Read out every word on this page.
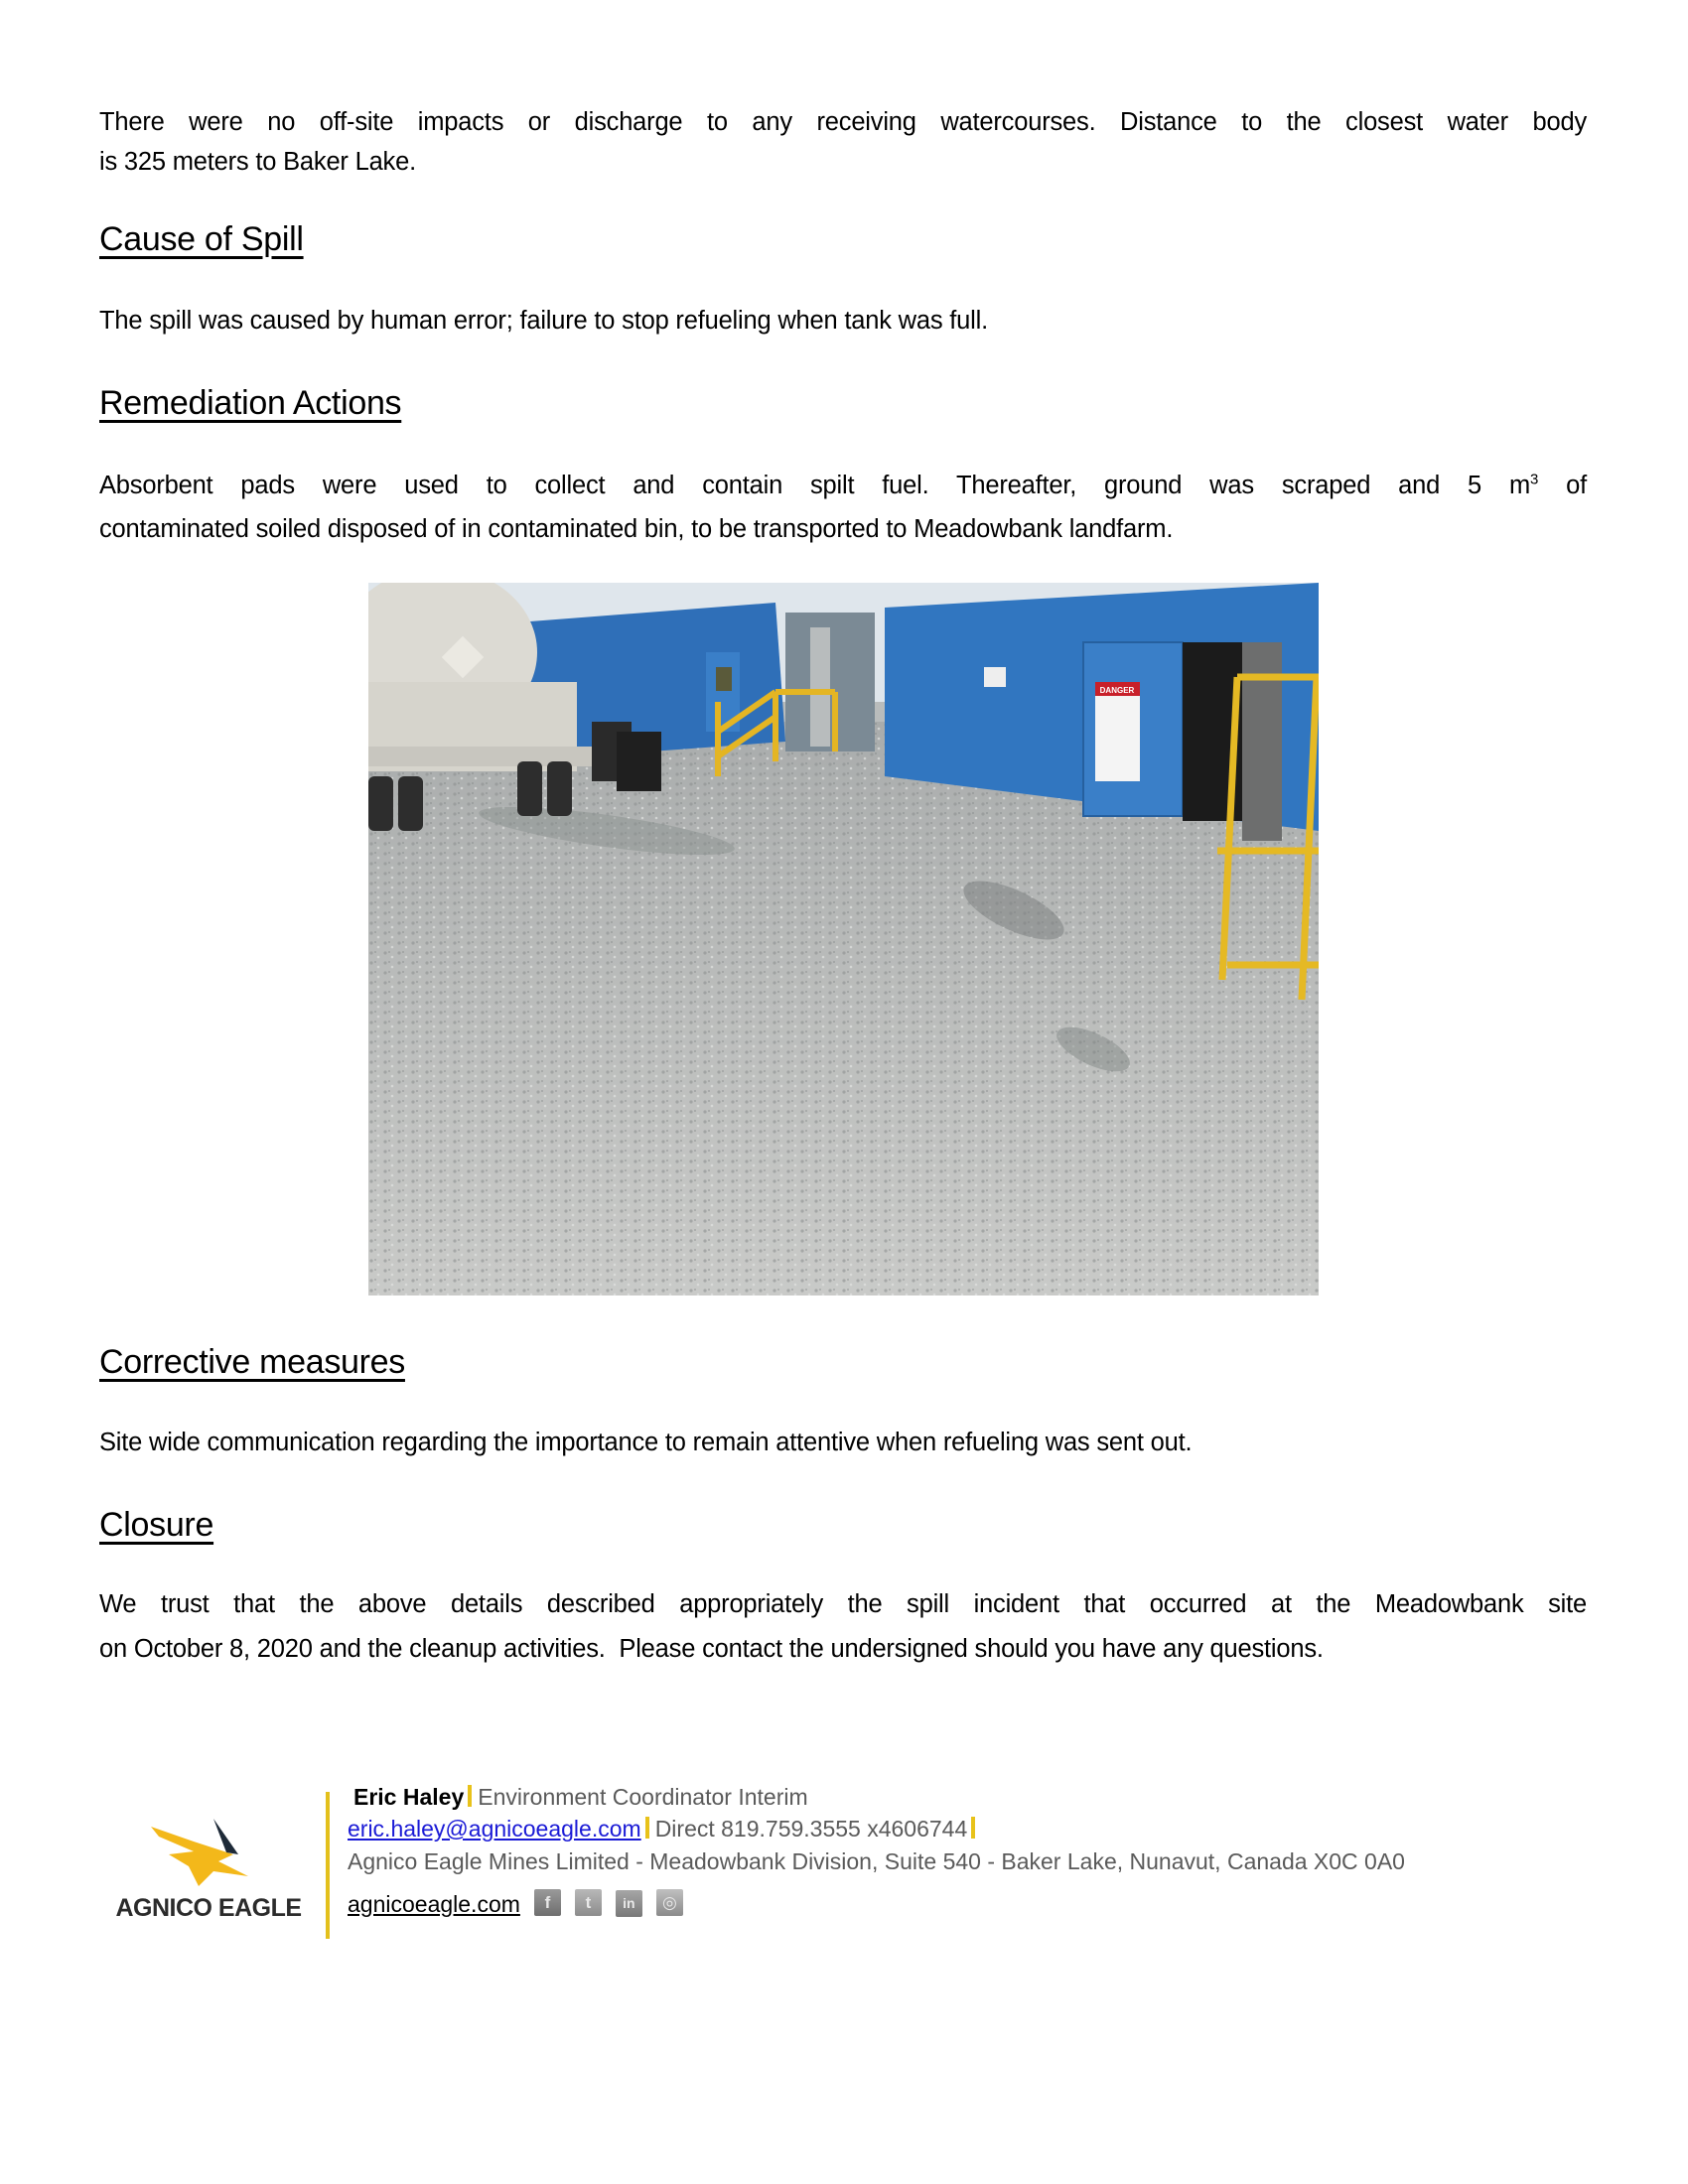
There were no off-site impacts or discharge to any receiving watercourses. Distance to the closest water body
is 325 meters to Baker Lake.
Cause of Spill
The spill was caused by human error; failure to stop refueling when tank was full.
Remediation Actions
Absorbent pads were used to collect and contain spilt fuel. Thereafter, ground was scraped and 5 $m^3$ of
contaminated soiled disposed of in contaminated bin, to be transported to Meadowbank landfarm.
DANGER
Corrective measures
Site wide communication regarding the importance to remain attentive when refueling was sent out.
Closure
We trust that the above details described appropriately the spill incident that occurred at the Meadowbank site
on October 8, 2020 and the cleanup activities.  Please contact the undersigned should you have any questions.
AGNICO EAGLE
Eric Haley Environment Coordinator Interim
eric.haley@agnicoeagle.com Direct 819.759.3555 x4606744
Agnico Eagle Mines Limited - Meadowbank Division, Suite 540 - Baker Lake, Nunavut, Canada X0C 0A0
agnicoeagle.com f t in ◎
